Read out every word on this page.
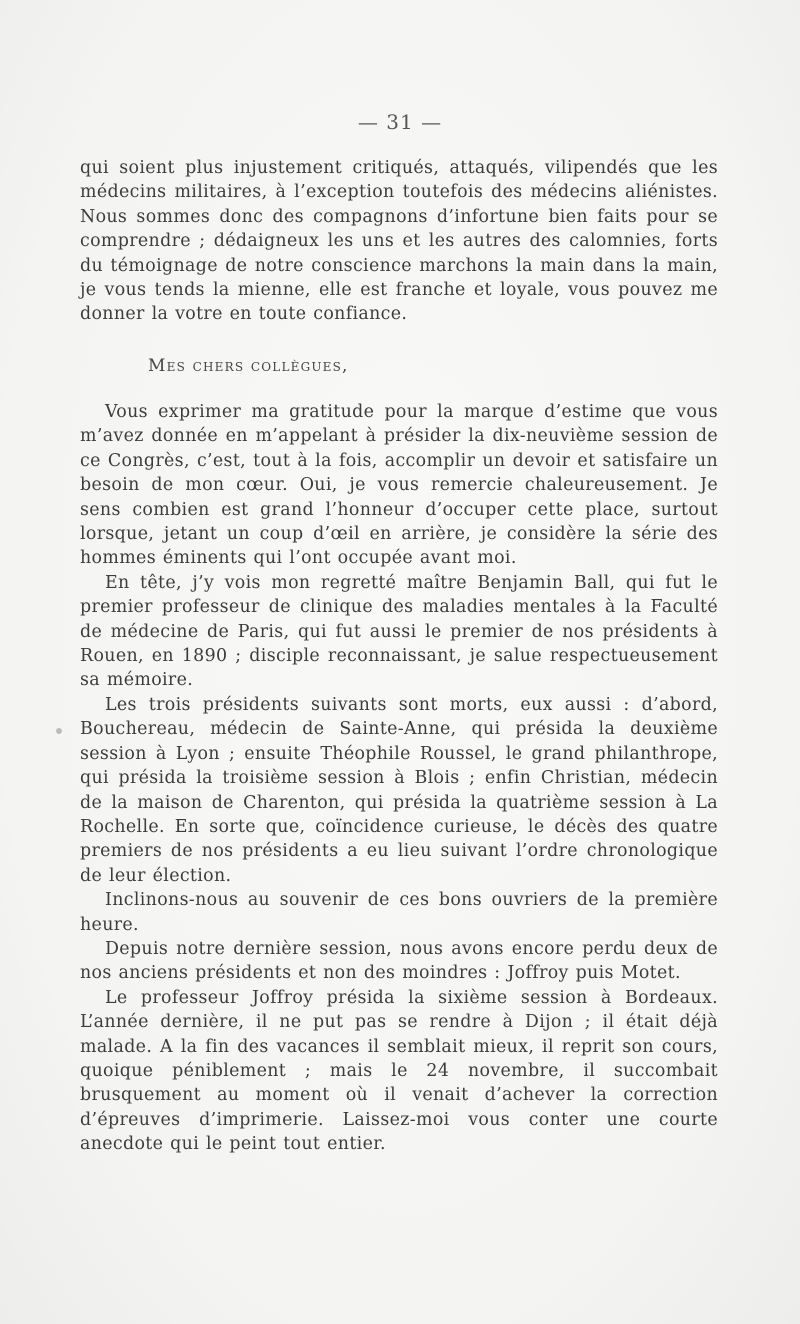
— 31 —

qui soient plus injustement critiqués, attaqués, vilipendés que les médecins militaires, à l’exception toutefois des médecins aliénistes. Nous sommes donc des compagnons d’infortune bien faits pour se comprendre ; dédaigneux les uns et les autres des calomnies, forts du témoignage de notre conscience marchons la main dans la main, je vous tends la mienne, elle est franche et loyale, vous pouvez me donner la votre en toute confiance.

Mes chers collègues,

Vous exprimer ma gratitude pour la marque d’estime que vous m’avez donnée en m’appelant à présider la dix-neuvième session de ce Congrès, c’est, tout à la fois, accomplir un devoir et satisfaire un besoin de mon cœur. Oui, je vous remercie chaleureusement. Je sens combien est grand l’honneur d’occuper cette place, surtout lorsque, jetant un coup d’œil en arrière, je considère la série des hommes éminents qui l’ont occupée avant moi.

En tête, j’y vois mon regretté maître Benjamin Ball, qui fut le premier professeur de clinique des maladies mentales à la Faculté de médecine de Paris, qui fut aussi le premier de nos présidents à Rouen, en 1890 ; disciple reconnaissant, je salue respectueusement sa mémoire.

Les trois présidents suivants sont morts, eux aussi : d’abord, Bouchereau, médecin de Sainte-Anne, qui présida la deuxième session à Lyon ; ensuite Théophile Roussel, le grand philanthrope, qui présida la troisième session à Blois ; enfin Christian, médecin de la maison de Charenton, qui présida la quatrième session à La Rochelle. En sorte que, coïncidence curieuse, le décès des quatre premiers de nos présidents a eu lieu suivant l’ordre chronologique de leur élection.

Inclinons-nous au souvenir de ces bons ouvriers de la première heure.

Depuis notre dernière session, nous avons encore perdu deux de nos anciens présidents et non des moindres : Joffroy puis Motet.

Le professeur Joffroy présida la sixième session à Bordeaux. L’année dernière, il ne put pas se rendre à Dijon ; il était déjà malade. A la fin des vacances il semblait mieux, il reprit son cours, quoique péniblement ; mais le 24 novembre, il succombait brusquement au moment où il venait d’achever la correction d’épreuves d’imprimerie. Laissez-moi vous conter une courte anecdote qui le peint tout entier.
